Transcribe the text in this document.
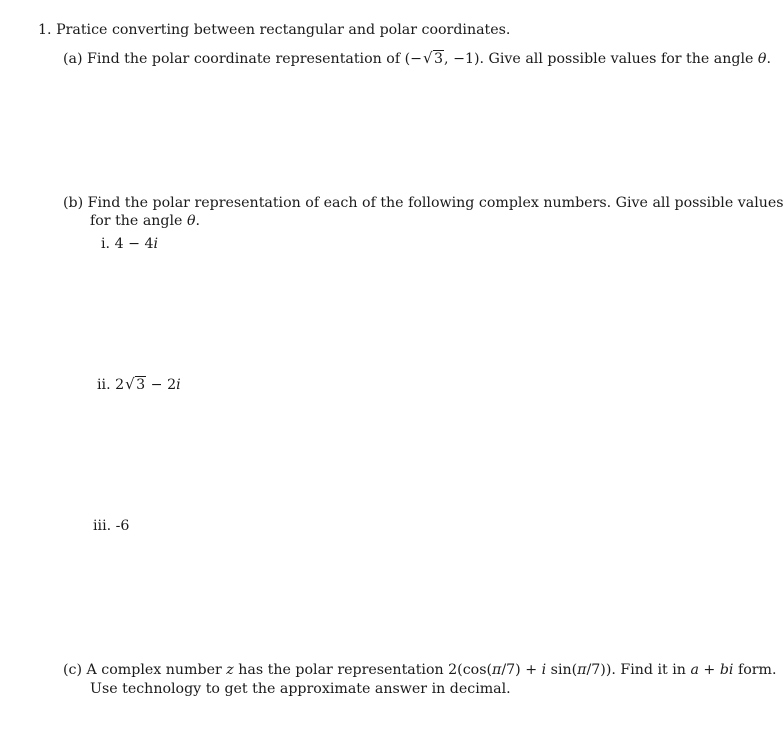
1. Pratice converting between rectangular and polar coordinates.
(a) Find the polar coordinate representation of (− √ 3, −1). Give all possible values for the angle θ.
(b) Find the polar representation of each of the following complex numbers. Give all possible values
for the angle θ.
i. 4 − 4i
ii. 2 √ 3 − 2i
iii. -6
(c) A complex number z has the polar representation 2(cos(π/7) + i sin(π/7)). Find it in a + bi form.
Use technology to get the approximate answer in decimal.
